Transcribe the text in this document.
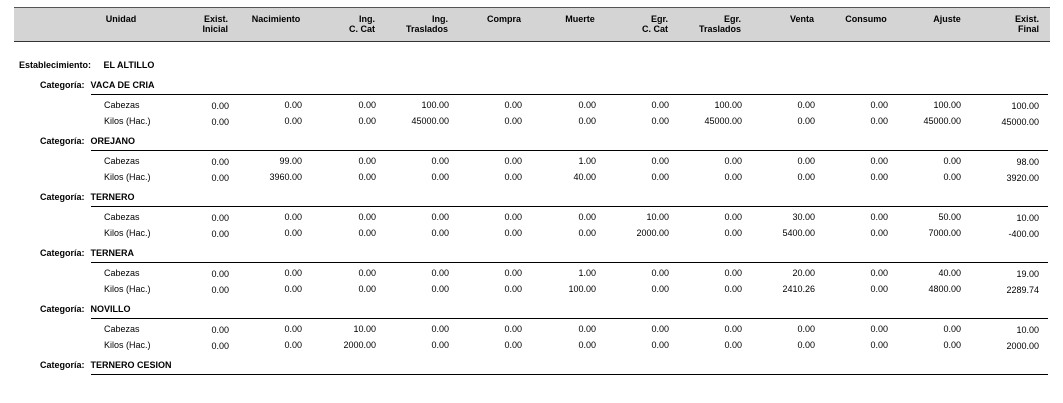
Unidad	Exist.
Inicial
Nacimiento	Ing.
C. Cat
Ing.
Traslados
Compra	Muerte	Egr.
C. Cat
Egr.
Traslados
Venta	Consumo	Ajuste	Exist.
Final
Establecimiento: EL ALTILLO
Categoría: VACA DE CRIA
Cabezas	0.00	0.00	0.00	100.00	0.00	0.00	0.00	100.00	0.00	0.00	100.00	100.00
Kilos (Hac.)	0.00	0.00	0.00	45000.00	0.00	0.00	0.00	45000.00	0.00	0.00	45000.00	45000.00
Categoría: OREJANO
Cabezas	0.00	99.00	0.00	0.00	0.00	1.00	0.00	0.00	0.00	0.00	0.00	98.00
Kilos (Hac.)	0.00	3960.00	0.00	0.00	0.00	40.00	0.00	0.00	0.00	0.00	0.00	3920.00
Categoría: TERNERO
Cabezas	0.00	0.00	0.00	0.00	0.00	0.00	10.00	0.00	30.00	0.00	50.00	10.00
Kilos (Hac.)	0.00	0.00	0.00	0.00	0.00	0.00	2000.00	0.00	5400.00	0.00	7000.00	-400.00
Categoría: TERNERA
Cabezas	0.00	0.00	0.00	0.00	0.00	1.00	0.00	0.00	20.00	0.00	40.00	19.00
Kilos (Hac.)	0.00	0.00	0.00	0.00	0.00	100.00	0.00	0.00	2410.26	0.00	4800.00	2289.74
Categoría: NOVILLO
Cabezas	0.00	0.00	10.00	0.00	0.00	0.00	0.00	0.00	0.00	0.00	0.00	10.00
Kilos (Hac.)	0.00	0.00	2000.00	0.00	0.00	0.00	0.00	0.00	0.00	0.00	0.00	2000.00
Categoría: TERNERO CESION
